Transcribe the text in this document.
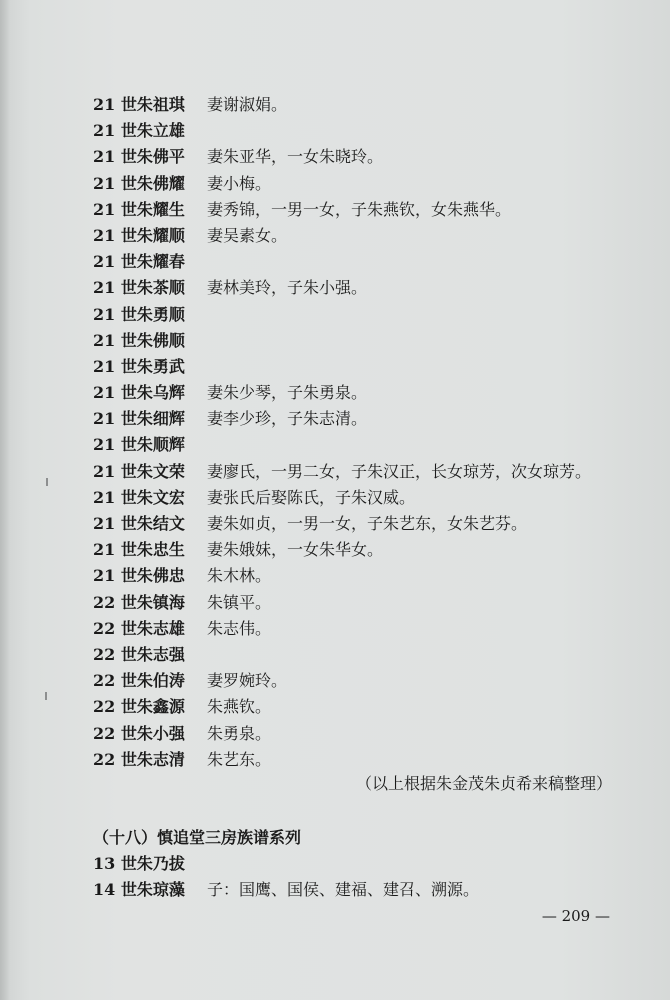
21 世朱祖琪 妻谢淑娟。
21 世朱立雄
21 世朱佛平 妻朱亚华，一女朱晓玲。
21 世朱佛耀 妻小梅。
21 世朱耀生 妻秀锦，一男一女，子朱燕钦，女朱燕华。
21 世朱耀顺 妻吴素女。
21 世朱耀春
21 世朱茶顺 妻林美玲，子朱小强。
21 世朱勇顺
21 世朱佛顺
21 世朱勇武
21 世朱乌辉 妻朱少琴，子朱勇泉。
21 世朱细辉 妻李少珍，子朱志清。
21 世朱顺辉
21 世朱文荣 妻廖氏，一男二女，子朱汉正，长女琼芳，次女琼芳。
21 世朱文宏 妻张氏后娶陈氏，子朱汉威。
21 世朱结文 妻朱如贞，一男一女，子朱艺东，女朱艺芬。
21 世朱忠生 妻朱娥妹，一女朱华女。
21 世朱佛忠 朱木林。
22 世朱镇海 朱镇平。
22 世朱志雄 朱志伟。
22 世朱志强
22 世朱伯涛 妻罗婉玲。
22 世朱鑫源 朱燕钦。
22 世朱小强 朱勇泉。
22 世朱志清 朱艺东。
（以上根据朱金茂朱贞希来稿整理）
（十八）慎追堂三房族谱系列
13 世朱乃拔
14 世朱琼藻 子：国鹰、国侯、建福、建召、溯源。
— 209 —
